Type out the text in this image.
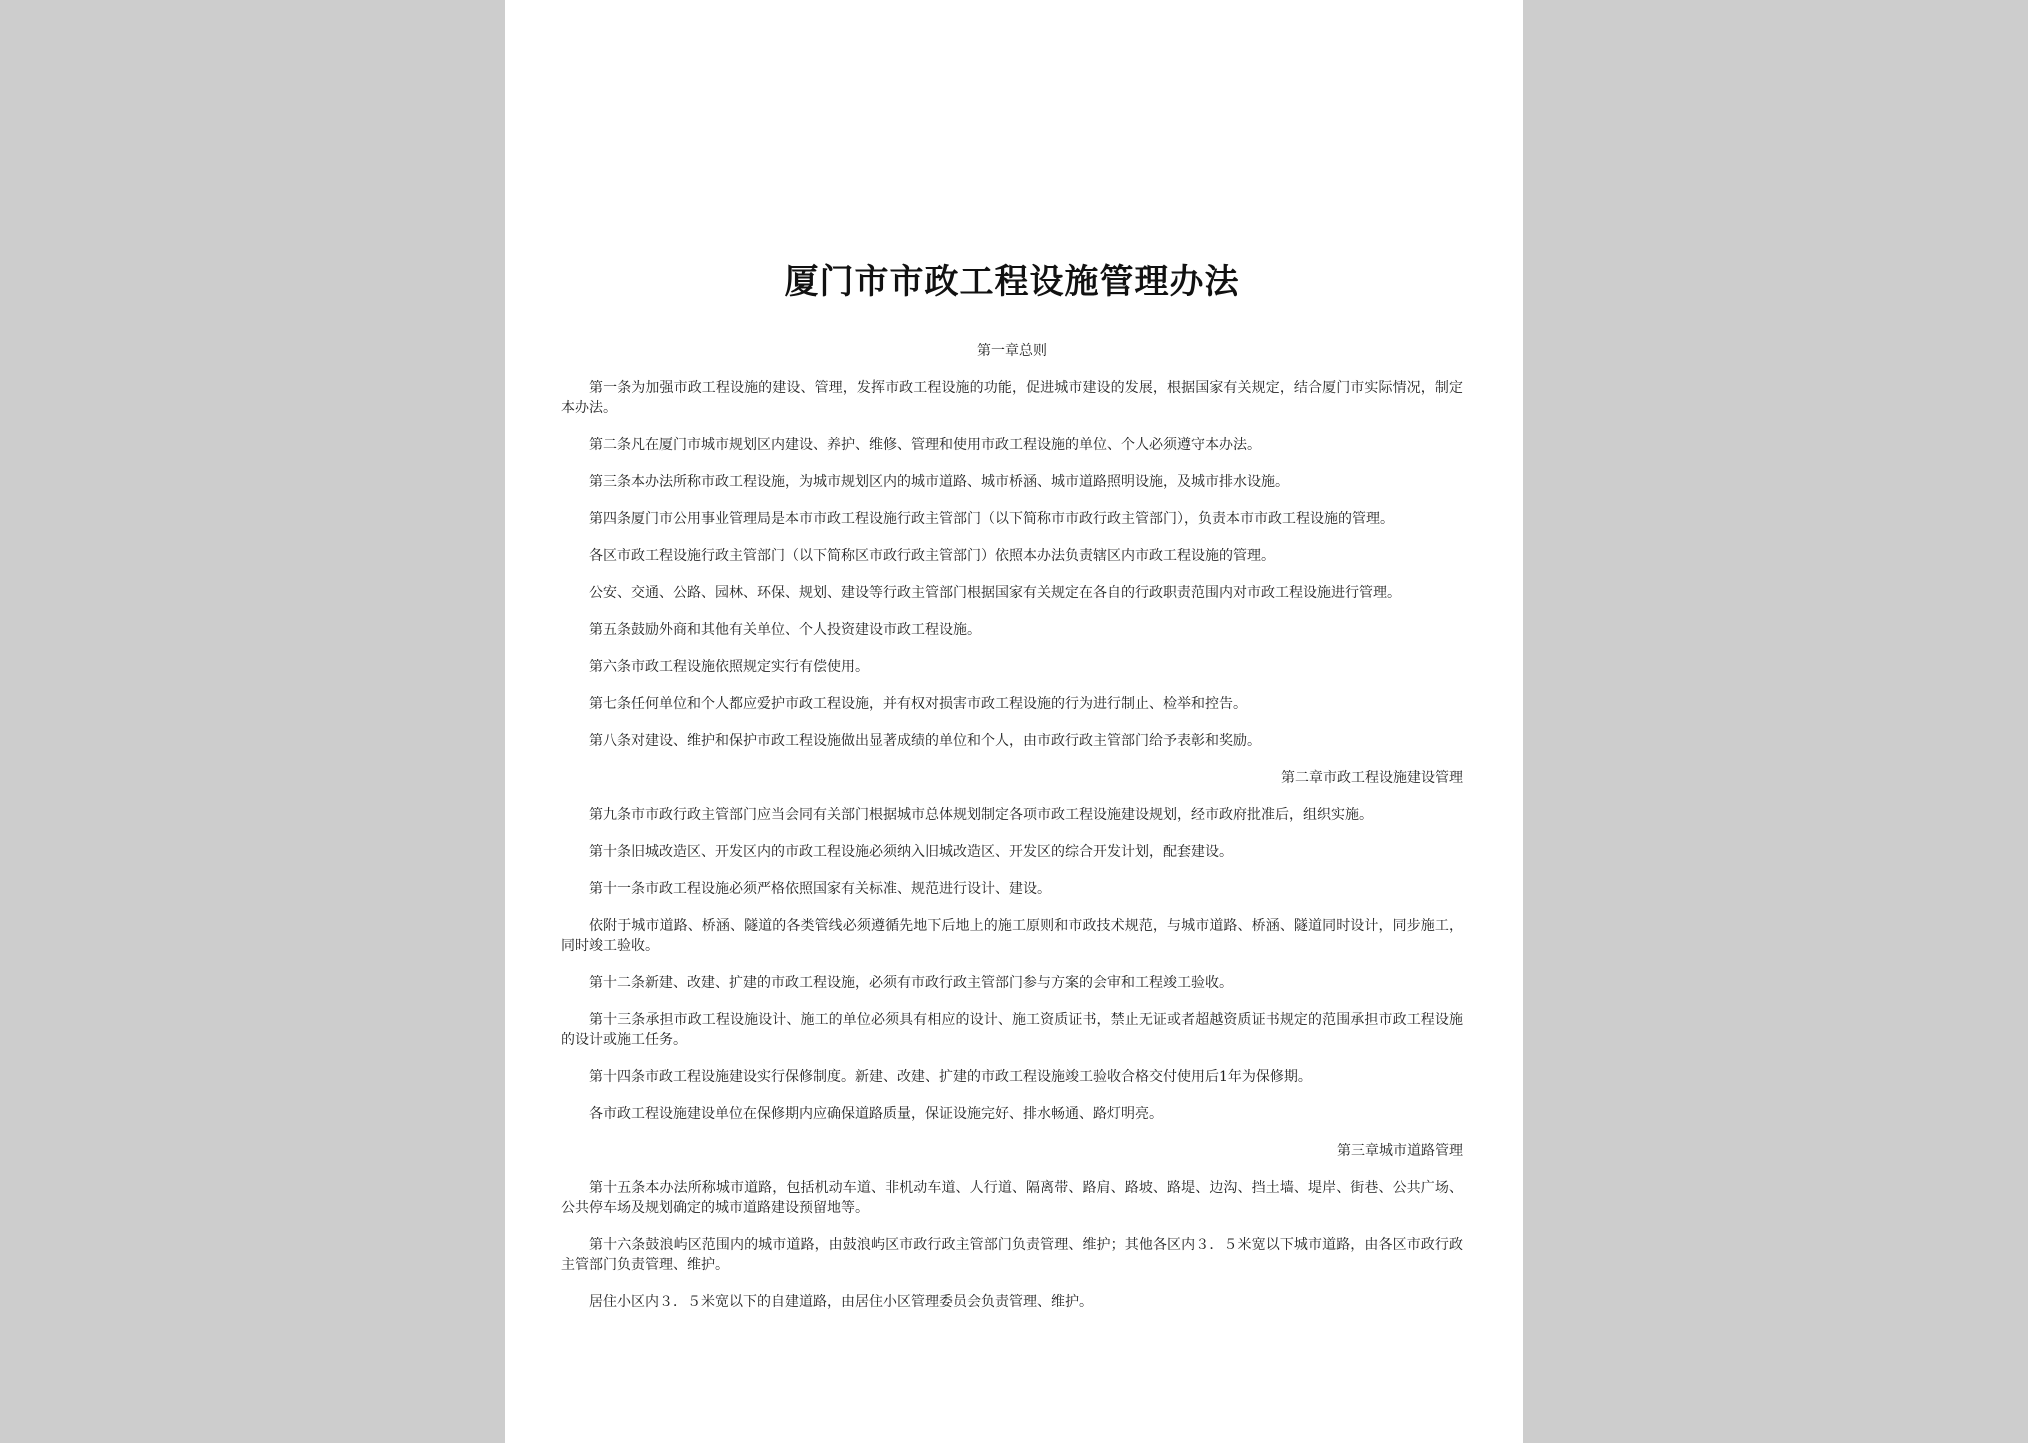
厦门市市政工程设施管理办法
第一章总则

第一条为加强市政工程设施的建设、管理，发挥市政工程设施的功能，促进城市建设的发展，根据国家有关规定，结合厦门市实际情况，制定本办法。

第二条凡在厦门市城市规划区内建设、养护、维修、管理和使用市政工程设施的单位、个人必须遵守本办法。

第三条本办法所称市政工程设施，为城市规划区内的城市道路、城市桥涵、城市道路照明设施，及城市排水设施。

第四条厦门市公用事业管理局是本市市政工程设施行政主管部门（以下简称市市政行政主管部门），负责本市市政工程设施的管理。

各区市政工程设施行政主管部门（以下简称区市政行政主管部门）依照本办法负责辖区内市政工程设施的管理。

公安、交通、公路、园林、环保、规划、建设等行政主管部门根据国家有关规定在各自的行政职责范围内对市政工程设施进行管理。

第五条鼓励外商和其他有关单位、个人投资建设市政工程设施。

第六条市政工程设施依照规定实行有偿使用。

第七条任何单位和个人都应爱护市政工程设施，并有权对损害市政工程设施的行为进行制止、检举和控告。

第八条对建设、维护和保护市政工程设施做出显著成绩的单位和个人，由市政行政主管部门给予表彰和奖励。

第二章市政工程设施建设管理

第九条市市政行政主管部门应当会同有关部门根据城市总体规划制定各项市政工程设施建设规划，经市政府批准后，组织实施。

第十条旧城改造区、开发区内的市政工程设施必须纳入旧城改造区、开发区的综合开发计划，配套建设。

第十一条市政工程设施必须严格依照国家有关标准、规范进行设计、建设。

依附于城市道路、桥涵、隧道的各类管线必须遵循先地下后地上的施工原则和市政技术规范，与城市道路、桥涵、隧道同时设计，同步施工，同时竣工验收。

第十二条新建、改建、扩建的市政工程设施，必须有市政行政主管部门参与方案的会审和工程竣工验收。

第十三条承担市政工程设施设计、施工的单位必须具有相应的设计、施工资质证书，禁止无证或者超越资质证书规定的范围承担市政工程设施的设计或施工任务。

第十四条市政工程设施建设实行保修制度。新建、改建、扩建的市政工程设施竣工验收合格交付使用后1年为保修期。

各市政工程设施建设单位在保修期内应确保道路质量，保证设施完好、排水畅通、路灯明亮。

第三章城市道路管理

第十五条本办法所称城市道路，包括机动车道、非机动车道、人行道、隔离带、路肩、路坡、路堤、边沟、挡土墙、堤岸、街巷、公共广场、公共停车场及规划确定的城市道路建设预留地等。

第十六条鼓浪屿区范围内的城市道路，由鼓浪屿区市政行政主管部门负责管理、维护；其他各区内３．５米宽以下城市道路，由各区市政行政主管部门负责管理、维护。

居住小区内３．５米宽以下的自建道路，由居住小区管理委员会负责管理、维护。
